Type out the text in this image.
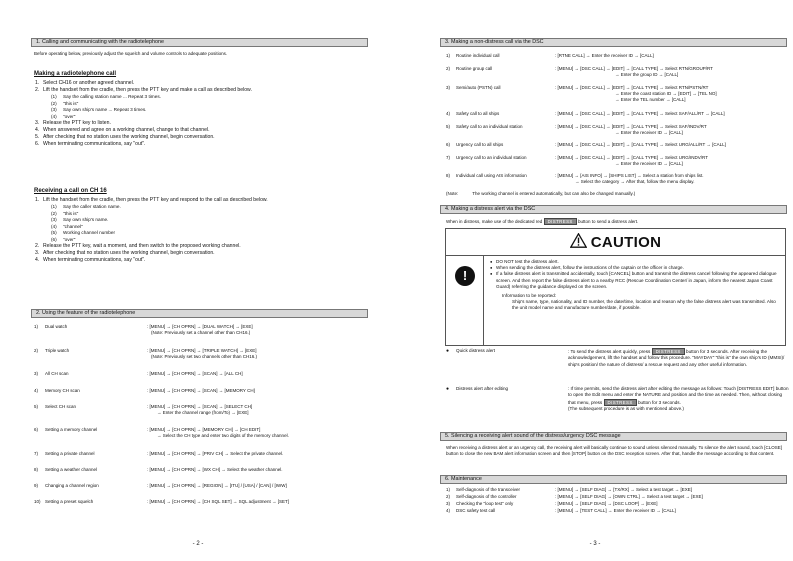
1. Calling and communicating with the radiotelephone
Before operating below, previously adjust the squelch and volume controls to adequate positions.
Making a radiotelephone call
1. Select CH16 or another agreed channel.
2. Lift the handset from the cradle, then press the PTT key and make a call as described below.
(1) Say the calling station name ... Repeat 3 times.
(2) "this is"
(3) Say own ship's name ... Repeat 3 times.
(4) "over"
3. Release the PTT key to listen.
4. When answered and agree on a working channel, change to that channel.
5. After checking that no station uses the working channel, begin conversation.
6. When terminating communications, say "out".
Receiving a call on CH 16
1. Lift the handset from the cradle, then press the PTT key and respond to the call as described below.
(1) Say the caller station name.
(2) "this is"
(3) Say own ship's name.
(4) "channel"
(5) Working channel number
(6) "over"
2. Release the PTT key, wait a moment, and then switch to the proposed working channel.
3. After checking that no station uses the working channel, begin conversation.
4. When terminating communications, say "out".
2. Using the feature of the radiotelephone
1) Dual watch	: [MENU] → [CH OPRN] → [DUAL WATCH] → [EXE]
(Note: Previously set a channel other than CH16.)
2) Triple watch	: [MENU] → [CH OPRN] → [TRIPLE WATCH] → [EXE]
(Note: Previously set two channels other than CH16.)
3) All CH scan	: [MENU] → [CH OPRN] → [SCAN] → [ALL CH]
4) Memory CH scan	: [MENU] → [CH OPRN] → [SCAN] → [MEMORY CH]
5) Select CH scan	: [MENU] → [CH OPRN] → [SCAN] → [SELECT CH]
→ Enter the channel range (from/To) → [EXE]
6) Setting a memory channel	: [MENU] → [CH OPRN] → [MEMORY CH] → [CH EDIT]
→ Select the CH type and enter two digits of the memory channel.
7) Setting a private channel	: [MENU] → [CH OPRN] → [PRIV CH] → Select the private channel.
8) Setting a weather channel	: [MENU] → [CH OPRN] → [WX CH] → Select the weather channel.
9) Changing a channel region	: [MENU] → [CH OPRN] → [REGION] → [ITU] / [USA] / [CAN] / [IWW]
10) Setting a preset squelch	: [MENU] → [CH OPRN] → [CH SQL SET] → SQL adjustment → [SET]
- 2 -
3. Making a non-distress call via the DSC
1) Routine individual call	: [RTNE CALL] → Enter the receiver ID → [CALL]
2) Routine group call	: [MENU] → [DSC CALL] → [EDIT] → [CALL TYPE] → Select RTN/GROUP/RT
→ Enter the group ID → [CALL]
3) Semi/auto (PSTN) call	: [MENU] → [DSC CALL] → [EDIT] → [CALL TYPE] → Select RTN/PSTN/RT
→ Enter the coast station ID → [EDIT] → [TEL NO]
→ Enter the TEL number → [CALL]
4) Safety call to all ships	: [MENU] → [DSC CALL] → [EDIT] → [CALL TYPE] → Select SAF/ALL/RT → [CALL]
5) Safety call to an individual station	: [MENU] → [DSC CALL] → [EDIT] → [CALL TYPE] → Select SAF/INDV/RT
→ Enter the receiver ID → [CALL]
6) Urgency call to all ships	: [MENU] → [DSC CALL] → [EDIT] → [CALL TYPE] → Select URG/ALL/RT → [CALL]
7) Urgency call to an individual station	: [MENU] → [DSC CALL] → [EDIT] → [CALL TYPE] → Select URG/INDV/RT
→ Enter the receiver ID → [CALL]
8) Individual call using AIS information	: [MENU] → [AIS INFO] → [SHIPS LIST] → Select a station from ships list.
→ Select the category → After that, follow the menu display.
(Note:	The working channel is entered automatically, but can also be changed manually.)
4. Making a distress alert via the DSC
When in distress, make use of the dedicated red DISTRESS button to send a distress alert.
● Quick distress alert	: To send the distress alert quickly, press DISTRESS button for 3 seconds. After receiving the acknowledgement, lift the handset and follow this procedure. "MAYDAY" "this is" the own ship's ID (MMSI)/ ship's position/ the nature of distress/ a rescue request and any other useful information.
● Distress alert after editing	: If time permits, send the distress alert after editing the message as follows: Touch [DISTRESS EDIT] button to open the Edit menu and enter the NATURE and position and the time as needed. Then, without closing that menu, press DISTRESS button for 3 seconds.
(The subsequent procedure is as with mentioned above.)
5. Silencing a receiving alert sound of the distress/urgency DSC message
When receiving a distress alert or an urgency call, the receiving alert will basically continue to sound unless silenced manually. To silence the alert sound, touch [CLOSE] button to close the new BAM alert information screen and then [STOP] button on the DSC reception screen. After that, handle the message according to that content.
6. Maintenance
1) Self-diagnosis of the transceiver	: [MENU] → [SELF DIAG] → [TX/RX] → Select a test target → [EXE]
2) Self-diagnosis of the controller	: [MENU] → [SELF DIAG] → [OWN CTRL] → Select a test target → [EXE]
3) Checking the "loop test" only	: [MENU] → [SELF DIAG] → [DSC LOOP] → [EXE]
4) DSC safety test call	: [MENU] → [TEST CALL] → Enter the receiver ID → [CALL]
- 3 -
CAUTION
!
● DO NOT test the distress alert.
● When sending the distress alert, follow the instructions of the captain or the officer in charge.
● If a false distress alert is transmitted accidentally, touch [CANCEL] button and transmit the distress cancel following the appeared dialogue screen. And then report the false distress alert to a nearby RCC (Rescue Coordination Center/ in Japan, inform the nearest Japan Coast Guard) referring the guidance displayed on the screen.
Information to be reported:
Ship's name, type, nationality, and ID number, the date/time, location and reason why the false distress alert was transmitted. Also the unit model name and manufacture number/date, if possible.
